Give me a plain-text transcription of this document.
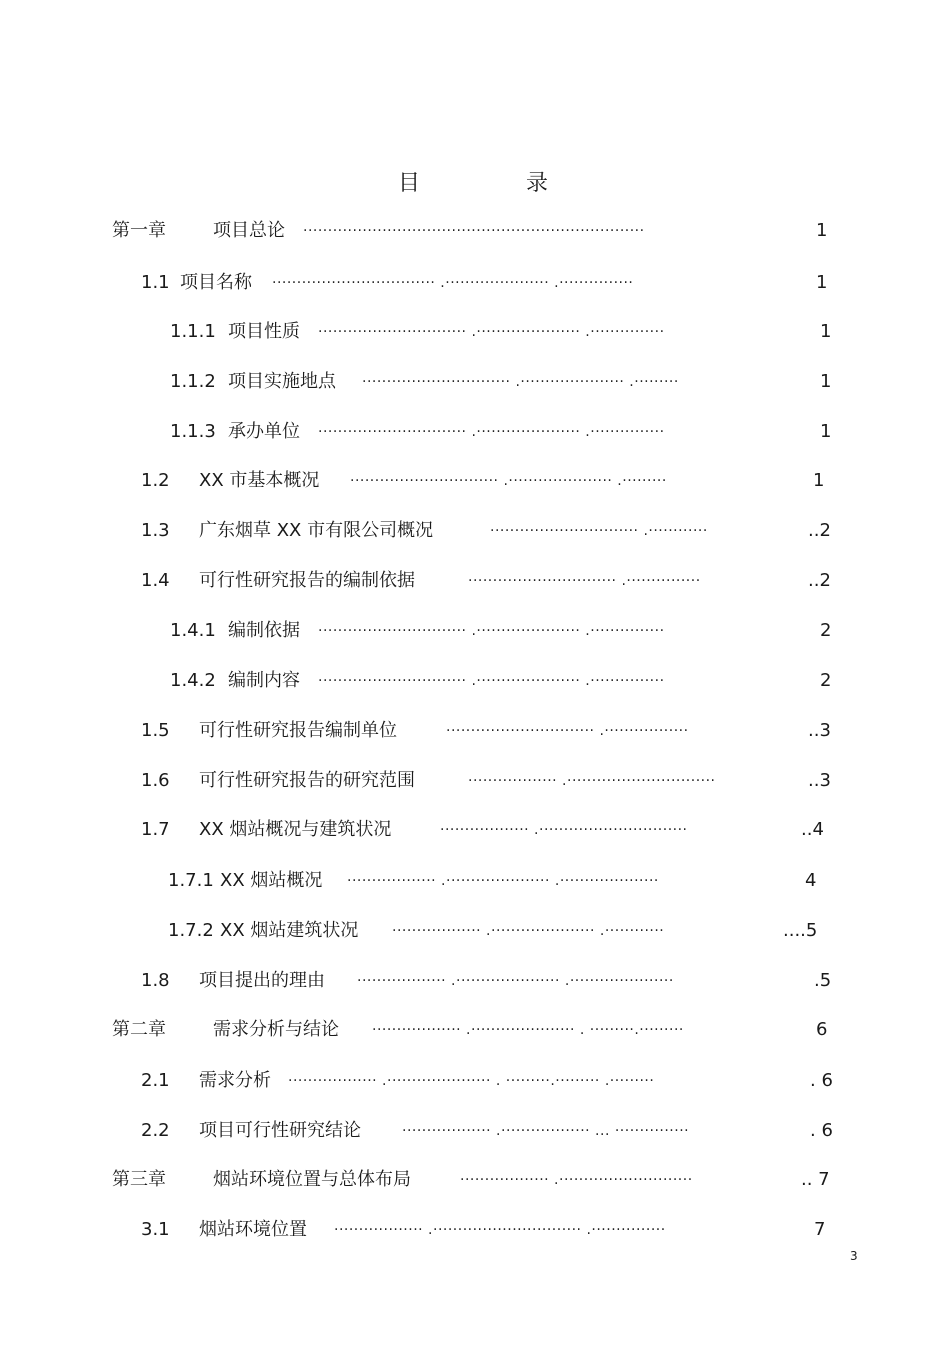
目　录
第一章	项目总论 ·····································································	1
1.1 项目名称 ································· .····················· .···············	1
1.1.1 项目性质 ······························ .····················· .···············	1
1.1.2 项目实施地点 ······························ .····················· .·········	1
1.1.3 承办单位 ······························ .····················· .···············	1
1.2 XX 市基本概况 ······························ .····················· .·········	1
1.3 广东烟草 XX 市有限公司概况	······························ .············	..2
1.4 可行性研究报告的编制依据	······························ .···············	..2
1.4.1 编制依据 ······························ .····················· .···············	2
1.4.2 编制内容 ······························ .····················· .···············	2
1.5 可行性研究报告编制单位	······························ .·················	..3
1.6 可行性研究报告的研究范围	·················· .······························	..3
1.7 XX 烟站概况与建筑状况	·················· .······························	..4
1.7.1 XX 烟站概况 ·················· .····················· .····················	4
1.7.2 XX 烟站建筑状况 ·················· .····················· .············	....5
1.8 项目提出的理由 ·················· .····················· .·····················	.5
第二章	需求分析与结论 ·················· .····················· . ·········.·········	6
2.1 需求分析 ·················· .····················· . ·········.········· .·········	. 6
2.2 项目可行性研究结论	·················· .·················· ... ···············	. 6
第三章	烟站环境位置与总体布局	·················· .···························	.. 7
3.1 烟站环境位置 ·················· .······························ .···············	7
3
